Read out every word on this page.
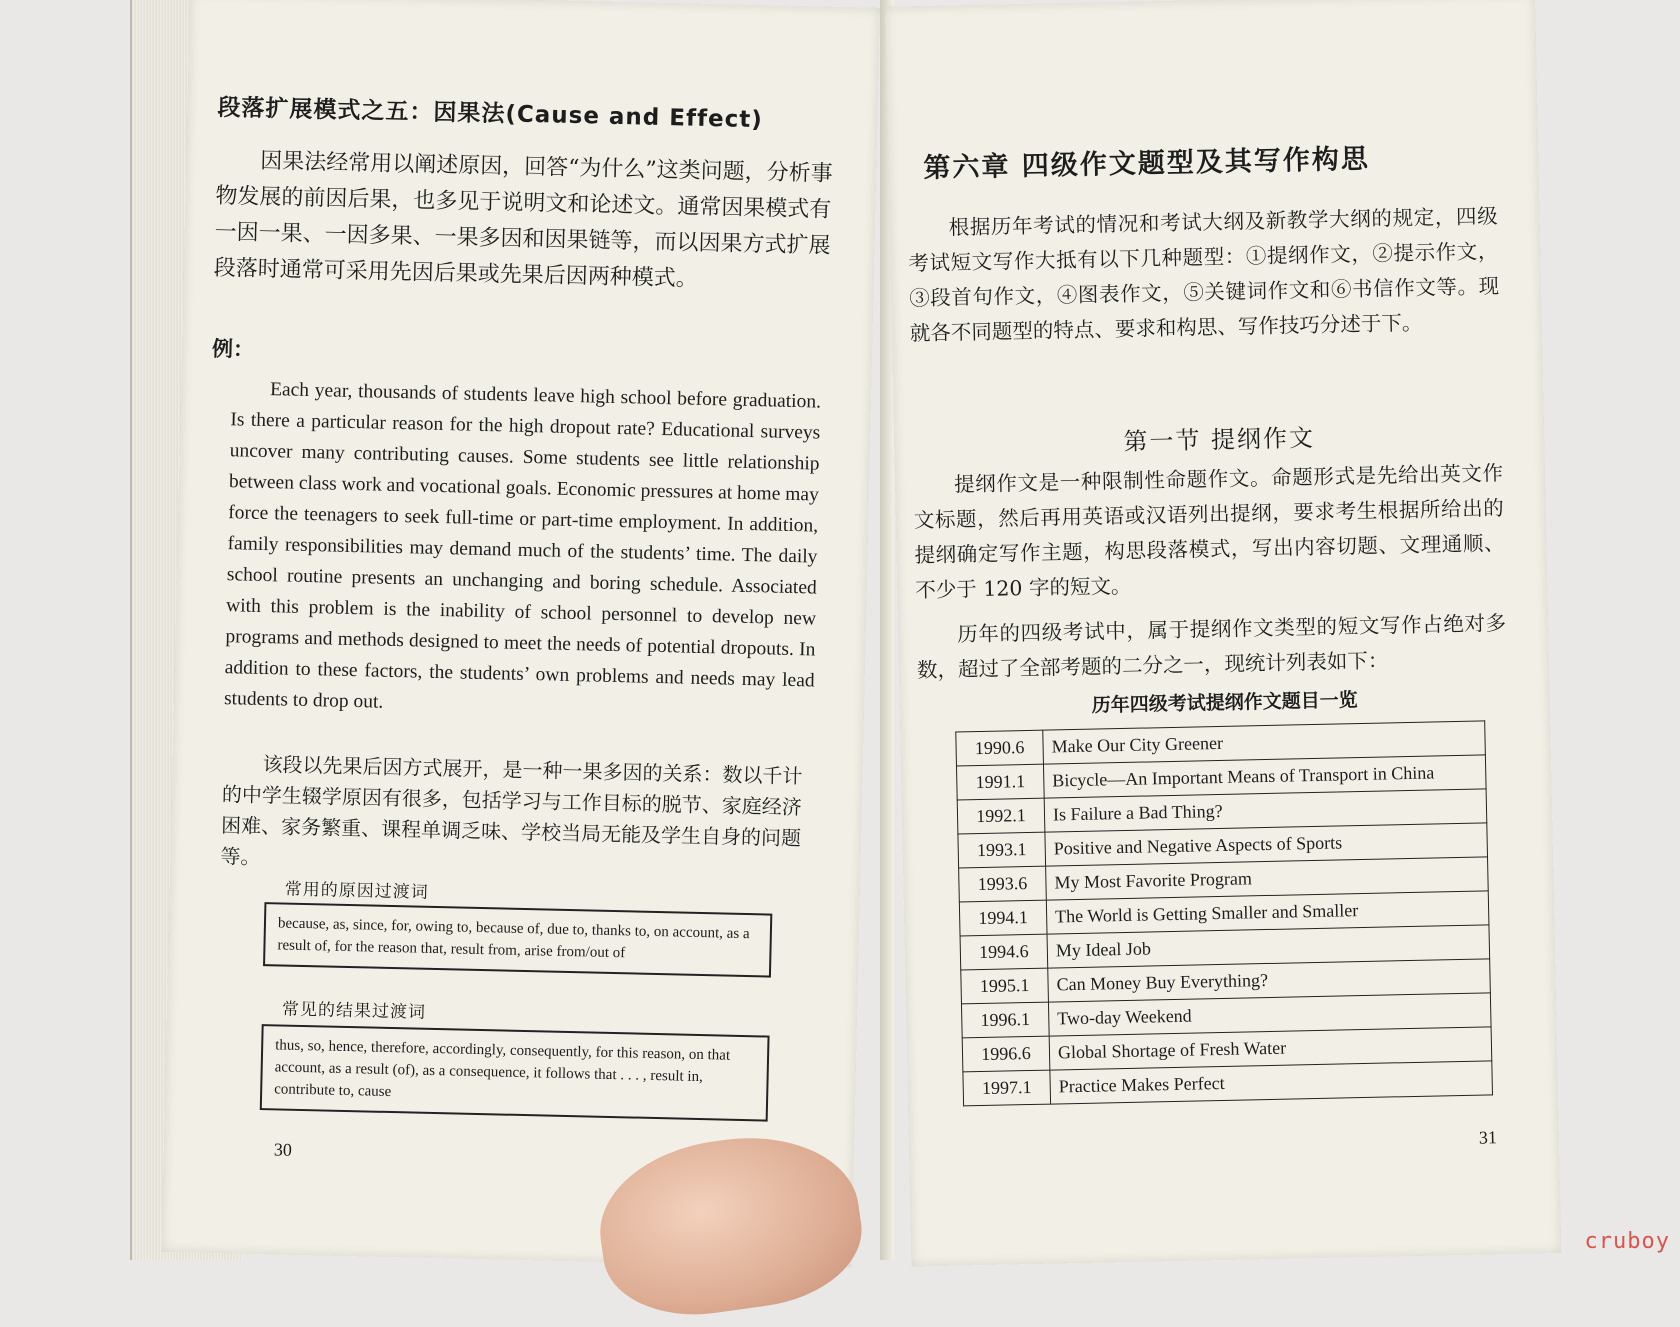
段落扩展模式之五：因果法(Cause and Effect)
因果法经常用以阐述原因，回答“为什么”这类问题，分析事物发展的前因后果，也多见于说明文和论述文。通常因果模式有一因一果、一因多果、一果多因和因果链等，而以因果方式扩展段落时通常可采用先因后果或先果后因两种模式。
例：
Each year, thousands of students leave high school before graduation. Is there a particular reason for the high dropout rate? Educational surveys uncover many contributing causes. Some students see little relationship between class work and vocational goals. Economic pressures at home may force the teenagers to seek full-time or part-time employment. In addition, family responsibilities may demand much of the students’ time. The daily school routine presents an unchanging and boring schedule. Associated with this problem is the inability of school personnel to develop new programs and methods designed to meet the needs of potential dropouts. In addition to these factors, the students’ own problems and needs may lead students to drop out.
该段以先果后因方式展开，是一种一果多因的关系：数以千计的中学生辍学原因有很多，包括学习与工作目标的脱节、家庭经济困难、家务繁重、课程单调乏味、学校当局无能及学生自身的问题等。
常用的原因过渡词
because, as, since, for, owing to, because of, due to, thanks to, on account, as a result of, for the reason that, result from, arise from/out of
常见的结果过渡词
thus, so, hence, therefore, accordingly, consequently, for this reason, on that account, as a result (of), as a consequence, it follows that . . . , result in, contribute to, cause
30
第六章 四级作文题型及其写作构思
根据历年考试的情况和考试大纲及新教学大纲的规定，四级考试短文写作大抵有以下几种题型：①提纲作文，②提示作文，③段首句作文，④图表作文，⑤关键词作文和⑥书信作文等。现就各不同题型的特点、要求和构思、写作技巧分述于下。
第一节 提纲作文
提纲作文是一种限制性命题作文。命题形式是先给出英文作文标题，然后再用英语或汉语列出提纲，要求考生根据所给出的提纲确定写作主题，构思段落模式，写出内容切题、文理通顺、不少于 120 字的短文。
历年的四级考试中，属于提纲作文类型的短文写作占绝对多数，超过了全部考题的二分之一，现统计列表如下：
历年四级考试提纲作文题目一览
1990.6	Make Our City Greener
1991.1	Bicycle—An Important Means of Transport in China
1992.1	Is Failure a Bad Thing?
1993.1	Positive and Negative Aspects of Sports
1993.6	My Most Favorite Program
1994.1	The World is Getting Smaller and Smaller
1994.6	My Ideal Job
1995.1	Can Money Buy Everything?
1996.1	Two-day Weekend
1996.6	Global Shortage of Fresh Water
1997.1	Practice Makes Perfect
31
cruboy
